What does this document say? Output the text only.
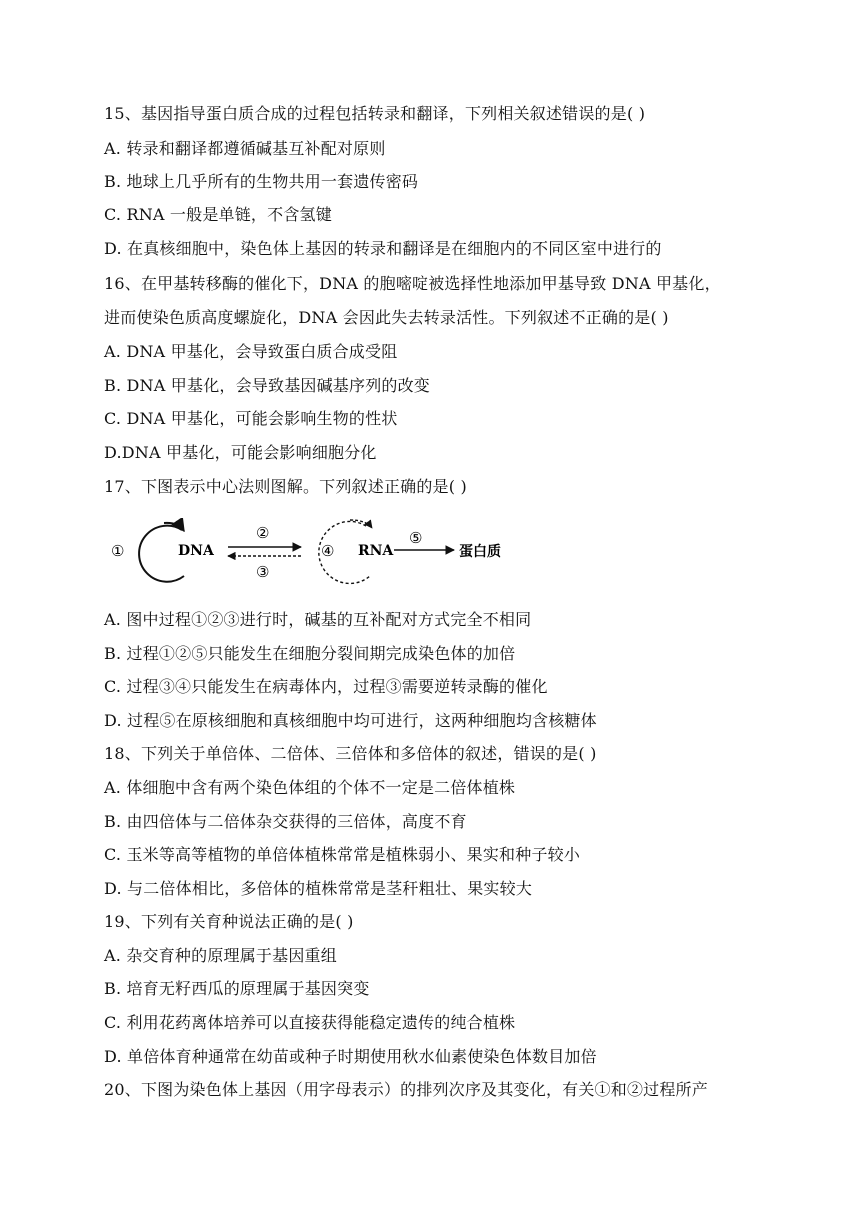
15、基因指导蛋白质合成的过程包括转录和翻译，下列相关叙述错误的是( )
A. 转录和翻译都遵循碱基互补配对原则
B. 地球上几乎所有的生物共用一套遗传密码
C. RNA 一般是单链，不含氢键
D. 在真核细胞中，染色体上基因的转录和翻译是在细胞内的不同区室中进行的
16、在甲基转移酶的催化下，DNA 的胞嘧啶被选择性地添加甲基导致 DNA 甲基化，
进而使染色质高度螺旋化，DNA 会因此失去转录活性。下列叙述不正确的是( )
A. DNA 甲基化，会导致蛋白质合成受阻
B. DNA 甲基化，会导致基因碱基序列的改变
C. DNA 甲基化，可能会影响生物的性状
D.DNA 甲基化，可能会影响细胞分化
17、下图表示中心法则图解。下列叙述正确的是( )
①	DNA
②
③
④ RNA
⑤
蛋白质
A. 图中过程①②③进行时，碱基的互补配对方式完全不相同
B. 过程①②⑤只能发生在细胞分裂间期完成染色体的加倍
C. 过程③④只能发生在病毒体内，过程③需要逆转录酶的催化
D. 过程⑤在原核细胞和真核细胞中均可进行，这两种细胞均含核糖体
18、下列关于单倍体、二倍体、三倍体和多倍体的叙述，错误的是( )
A. 体细胞中含有两个染色体组的个体不一定是二倍体植株
B. 由四倍体与二倍体杂交获得的三倍体，高度不育
C. 玉米等高等植物的单倍体植株常常是植株弱小、果实和种子较小
D. 与二倍体相比，多倍体的植株常常是茎秆粗壮、果实较大
19、下列有关育种说法正确的是( )
A. 杂交育种的原理属于基因重组
B. 培育无籽西瓜的原理属于基因突变
C. 利用花药离体培养可以直接获得能稳定遗传的纯合植株
D. 单倍体育种通常在幼苗或种子时期使用秋水仙素使染色体数目加倍
20、下图为染色体上基因（用字母表示）的排列次序及其变化，有关①和②过程所产
